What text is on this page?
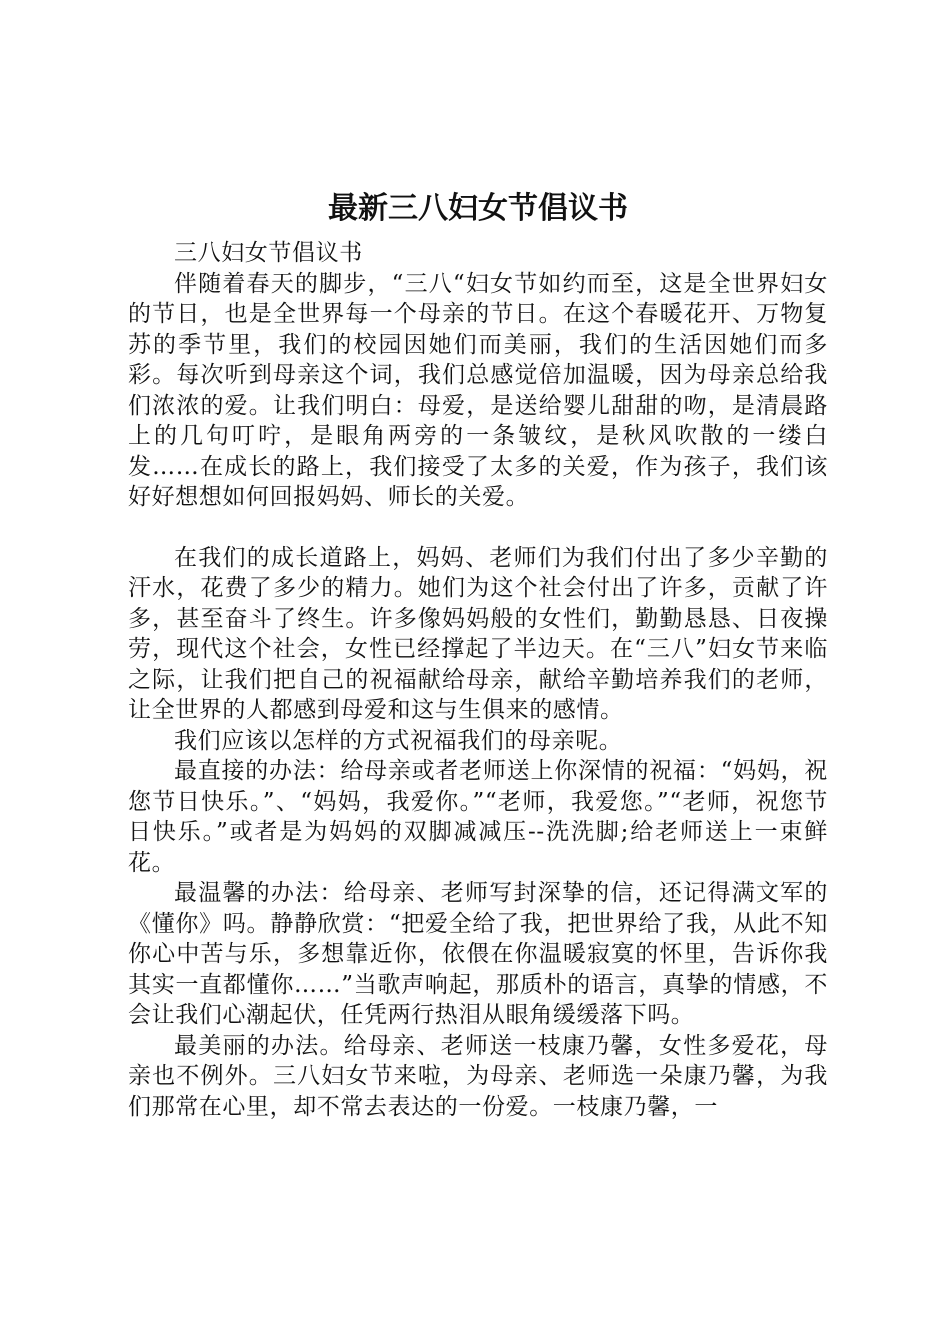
最新三八妇女节倡议书

三八妇女节倡议书

伴随着春天的脚步，“三八“妇女节如约而至，这是全世界妇女的节日，也是全世界每一个母亲的节日。在这个春暖花开、万物复苏的季节里，我们的校园因她们而美丽，我们的生活因她们而多彩。每次听到母亲这个词，我们总感觉倍加温暖，因为母亲总给我们浓浓的爱。让我们明白：母爱，是送给婴儿甜甜的吻，是清晨路上的几句叮咛，是眼角两旁的一条皱纹，是秋风吹散的一缕白发……在成长的路上，我们接受了太多的关爱，作为孩子，我们该好好想想如何回报妈妈、师长的关爱。

在我们的成长道路上，妈妈、老师们为我们付出了多少辛勤的汗水，花费了多少的精力。她们为这个社会付出了许多，贡献了许多，甚至奋斗了终生。许多像妈妈般的女性们，勤勤恳恳、日夜操劳，现代这个社会，女性已经撑起了半边天。在“三八”妇女节来临之际，让我们把自己的祝福献给母亲，献给辛勤培养我们的老师，让全世界的人都感到母爱和这与生俱来的感情。

我们应该以怎样的方式祝福我们的母亲呢。

最直接的办法：给母亲或者老师送上你深情的祝福：“妈妈，祝您节日快乐。”、“妈妈，我爱你。”“老师，我爱您。”“老师，祝您节日快乐。”或者是为妈妈的双脚减减压--洗洗脚;给老师送上一束鲜花。

最温馨的办法：给母亲、老师写封深挚的信，还记得满文军的《懂你》吗。静静欣赏：“把爱全给了我，把世界给了我，从此不知你心中苦与乐，多想靠近你，依偎在你温暖寂寞的怀里，告诉你我其实一直都懂你……”当歌声响起，那质朴的语言，真挚的情感，不会让我们心潮起伏，任凭两行热泪从眼角缓缓落下吗。

最美丽的办法。给母亲、老师送一枝康乃馨，女性多爱花，母亲也不例外。三八妇女节来啦，为母亲、老师选一朵康乃馨，为我们那常在心里，却不常去表达的一份爱。一枝康乃馨，一
